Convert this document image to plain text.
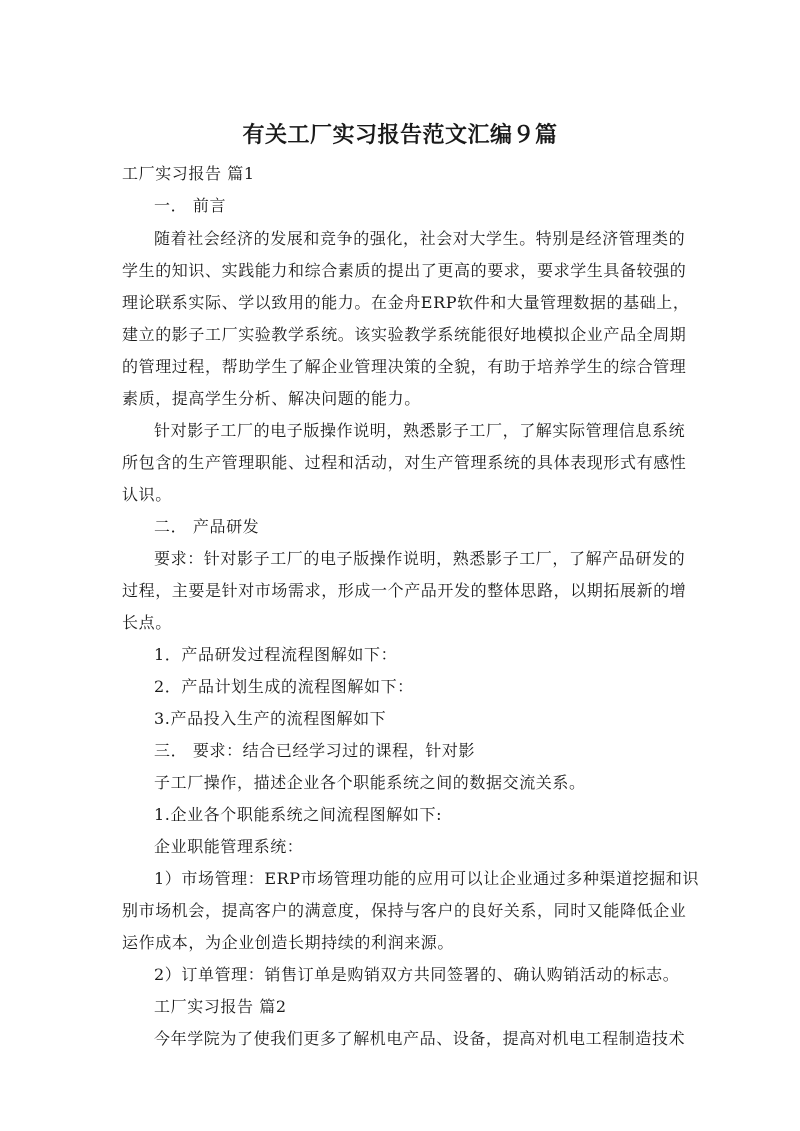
有关工厂实习报告范文汇编９篇
工厂实习报告 篇1
一． 前言
随着社会经济的发展和竞争的强化，社会对大学生。特别是经济管理类的
学生的知识、实践能力和综合素质的提出了更高的要求，要求学生具备较强的
理论联系实际、学以致用的能力。在金舟ERP软件和大量管理数据的基础上，
建立的影子工厂实验教学系统。该实验教学系统能很好地模拟企业产品全周期
的管理过程，帮助学生了解企业管理决策的全貌，有助于培养学生的综合管理
素质，提高学生分析、解决问题的能力。
针对影子工厂的电子版操作说明，熟悉影子工厂，了解实际管理信息系统
所包含的生产管理职能、过程和活动，对生产管理系统的具体表现形式有感性
认识。
二． 产品研发
要求：针对影子工厂的电子版操作说明，熟悉影子工厂，了解产品研发的
过程，主要是针对市场需求，形成一个产品开发的整体思路，以期拓展新的增
长点。
1．产品研发过程流程图解如下：
2．产品计划生成的流程图解如下：
3.产品投入生产的流程图解如下
三． 要求：结合已经学习过的课程，针对影
子工厂操作，描述企业各个职能系统之间的数据交流关系。
1.企业各个职能系统之间流程图解如下:
企业职能管理系统：
1）市场管理：ERP市场管理功能的应用可以让企业通过多种渠道挖掘和识
别市场机会，提高客户的满意度，保持与客户的良好关系，同时又能降低企业
运作成本，为企业创造长期持续的利润来源。
2）订单管理：销售订单是购销双方共同签署的、确认购销活动的标志。
工厂实习报告 篇2
今年学院为了使我们更多了解机电产品、设备，提高对机电工程制造技术
